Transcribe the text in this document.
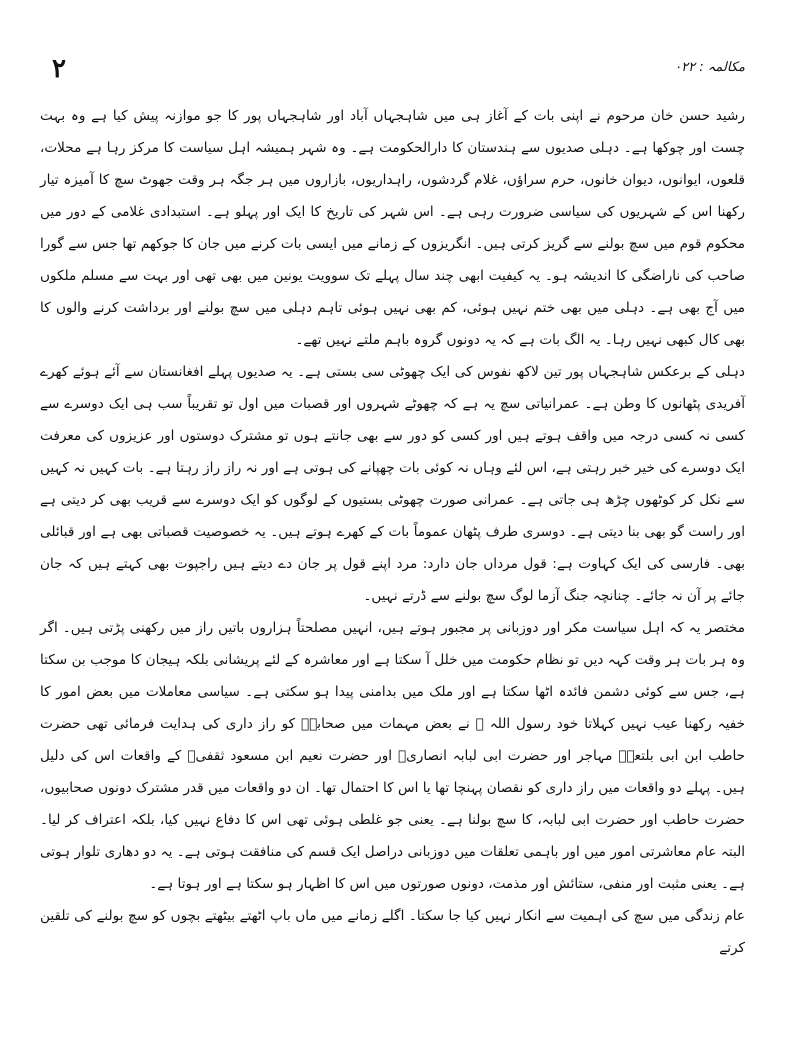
٢	مکالمہ : ٠٢٢

رشید حسن خان مرحوم نے اپنی بات کے آغاز ہی میں شاہجہاں آباد اور شاہجہاں پور کا جو موازنہ پیش کیا ہے وہ بہت چست اور چوکھا ہے۔ دہلی صدیوں سے ہندستان کا دارالحکومت ہے۔ وہ شہر ہمیشہ اہل سیاست کا مرکز رہا ہے محلات، قلعوں، ایوانوں، دیوان خانوں، حرم سراؤں، غلام گردشوں، راہداریوں، بازاروں میں ہر جگہ ہر وقت جھوٹ سچ کا آمیزہ تیار رکھنا اس کے شہریوں کی سیاسی ضرورت رہی ہے۔ اس شہر کی تاریخ کا ایک اور پہلو ہے۔ استبدادی غلامی کے دور میں محکوم قوم میں سچ بولنے سے گریز کرتی ہیں۔ انگریزوں کے زمانے میں ایسی بات کرنے میں جان کا جوکھم تھا جس سے گورا صاحب کی ناراضگی کا اندیشہ ہو۔ یہ کیفیت ابھی چند سال پہلے تک سوویت یونین میں بھی تھی اور بہت سے مسلم ملکوں میں آج بھی ہے۔ دہلی میں بھی ختم نہیں ہوئی، کم بھی نہیں ہوئی تاہم دہلی میں سچ بولنے اور برداشت کرنے والوں کا بھی کال کبھی نہیں رہا۔ یہ الگ بات ہے کہ یہ دونوں گروہ باہم ملتے نہیں تھے۔

دہلی کے برعکس شاہجہاں پور تین لاکھ نفوس کی ایک چھوٹی سی بستی ہے۔ یہ صدیوں پہلے افغانستان سے آئے ہوئے کھرے آفریدی پٹھانوں کا وطن ہے۔ عمرانیاتی سچ یہ ہے کہ چھوٹے شہروں اور قصبات میں اول تو تقریباً سب ہی ایک دوسرے سے کسی نہ کسی درجہ میں واقف ہوتے ہیں اور کسی کو دور سے بھی جانتے ہوں تو مشترک دوستوں اور عزیزوں کی معرفت ایک دوسرے کی خیر خبر رہتی ہے، اس لئے وہاں نہ کوئی بات چھپانے کی ہوتی ہے اور نہ راز راز رہتا ہے۔ بات کہیں نہ کہیں سے نکل کر کوٹھوں چڑھ ہی جاتی ہے۔ عمرانی صورت چھوٹی بستیوں کے لوگوں کو ایک دوسرے سے قریب بھی کر دیتی ہے اور راست گو بھی بنا دیتی ہے۔ دوسری طرف پٹھان عموماً بات کے کھرے ہوتے ہیں۔ یہ خصوصیت قصباتی بھی ہے اور قبائلی بھی۔ فارسی کی ایک کہاوت ہے: قول مرداں جان دارد: مرد اپنے قول پر جان دے دیتے ہیں راجپوت بھی کہتے ہیں کہ جان جائے پر آن نہ جائے۔ چنانچہ جنگ آزما لوگ سچ بولنے سے ڈرتے نہیں۔

مختصر یہ کہ اہل سیاست مکر اور دوزبانی پر مجبور ہوتے ہیں، انہیں مصلحتاً ہزاروں باتیں راز میں رکھنی پڑتی ہیں۔ اگر وہ ہر بات ہر وقت کہہ دیں تو نظام حکومت میں خلل آ سکتا ہے اور معاشرہ کے لئے پریشانی بلکہ ہیجان کا موجب بن سکتا ہے، جس سے کوئی دشمن فائدہ اٹھا سکتا ہے اور ملک میں بدامنی پیدا ہو سکتی ہے۔ سیاسی معاملات میں بعض امور کا خفیہ رکھنا عیب نہیں کہلاتا خود رسول اللہ ﷺ نے بعض مہمات میں صحابہؓ کو راز داری کی ہدایت فرمائی تھی حضرت حاطب ابن ابی بلتعہؓ مہاجر اور حضرت ابی لبابہ انصاریؓ اور حضرت نعیم ابن مسعود ثقفیؓ کے واقعات اس کی دلیل ہیں۔ پہلے دو واقعات میں راز داری کو نقصان پہنچا تھا یا اس کا احتمال تھا۔ ان دو واقعات میں قدر مشترک دونوں صحابیوں، حضرت حاطب اور حضرت ابی لبابہ، کا سچ بولنا ہے۔ یعنی جو غلطی ہوئی تھی اس کا دفاع نہیں کیا، بلکہ اعتراف کر لیا۔ البتہ عام معاشرتی امور میں اور باہمی تعلقات میں دوزبانی دراصل ایک قسم کی منافقت ہوتی ہے۔ یہ دو دھاری تلوار ہوتی ہے۔ یعنی مثبت اور منفی، ستائش اور مذمت، دونوں صورتوں میں اس کا اظہار ہو سکتا ہے اور ہوتا ہے۔

عام زندگی میں سچ کی اہمیت سے انکار نہیں کیا جا سکتا۔ اگلے زمانے میں ماں باپ اٹھتے بیٹھتے بچوں کو سچ بولنے کی تلقین کرتے
